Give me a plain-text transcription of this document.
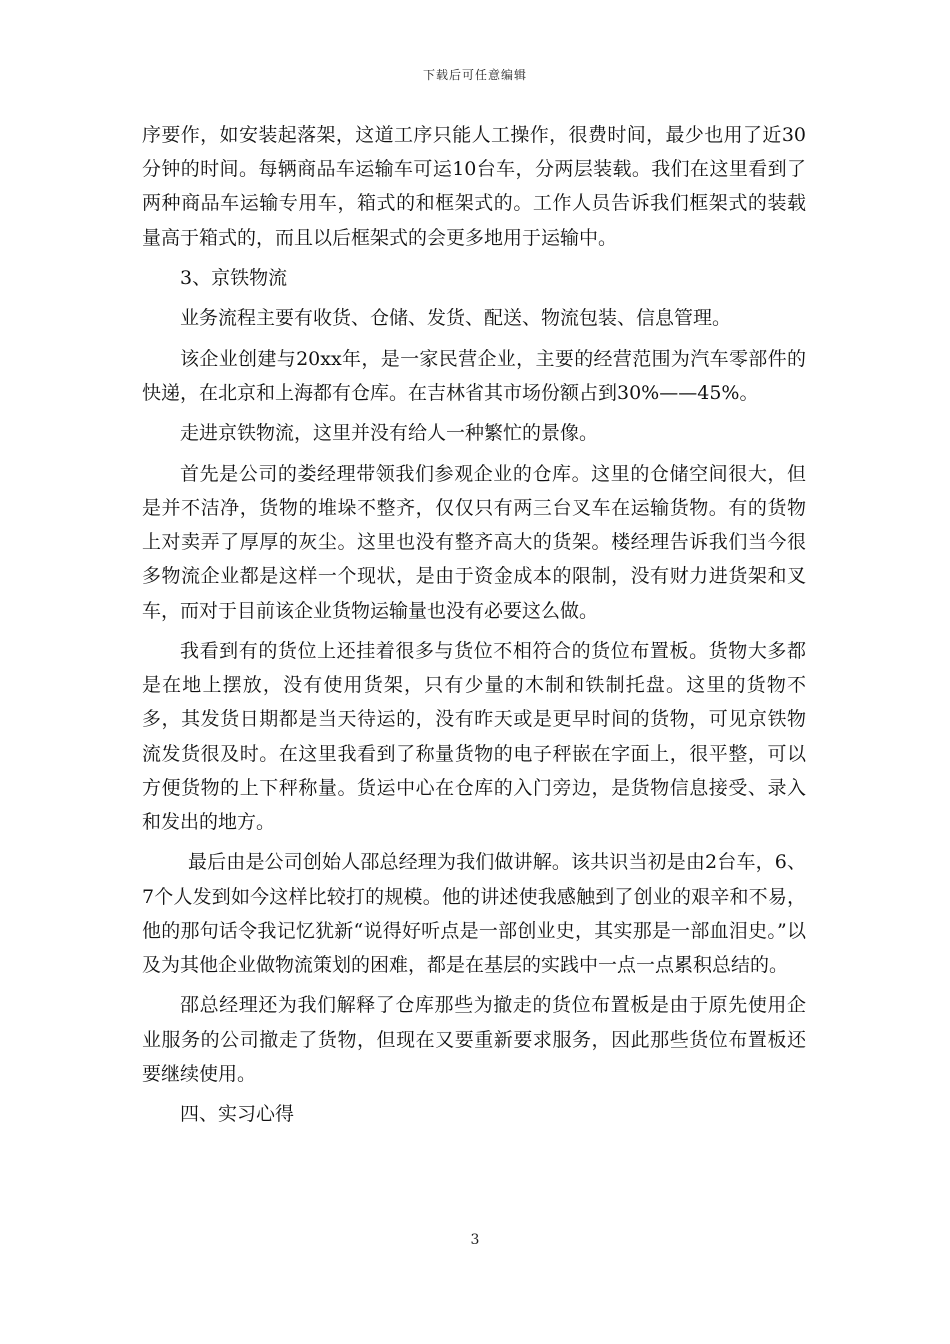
下载后可任意编辑

序要作，如安装起落架，这道工序只能人工操作，很费时间，最少也用了近30分钟的时间。每辆商品车运输车可运10台车，分两层装载。我们在这里看到了两种商品车运输专用车，箱式的和框架式的。工作人员告诉我们框架式的装载量高于箱式的，而且以后框架式的会更多地用于运输中。

3、京铁物流

业务流程主要有收货、仓储、发货、配送、物流包装、信息管理。

该企业创建与20xx年，是一家民营企业，主要的经营范围为汽车零部件的快递，在北京和上海都有仓库。在吉林省其市场份额占到30%——45%。

走进京铁物流，这里并没有给人一种繁忙的景像。

首先是公司的娄经理带领我们参观企业的仓库。这里的仓储空间很大，但是并不洁净，货物的堆垛不整齐，仅仅只有两三台叉车在运输货物。有的货物上对卖弄了厚厚的灰尘。这里也没有整齐高大的货架。楼经理告诉我们当今很多物流企业都是这样一个现状，是由于资金成本的限制，没有财力进货架和叉车，而对于目前该企业货物运输量也没有必要这么做。

我看到有的货位上还挂着很多与货位不相符合的货位布置板。货物大多都是在地上摆放，没有使用货架，只有少量的木制和铁制托盘。这里的货物不多，其发货日期都是当天待运的，没有昨天或是更早时间的货物，可见京铁物流发货很及时。在这里我看到了称量货物的电子秤嵌在字面上，很平整，可以方便货物的上下秤称量。货运中心在仓库的入门旁边，是货物信息接受、录入和发出的地方。

最后由是公司创始人邵总经理为我们做讲解。该共识当初是由2台车，6、7个人发到如今这样比较打的规模。他的讲述使我感触到了创业的艰辛和不易，他的那句话令我记忆犹新“说得好听点是一部创业史，其实那是一部血泪史。”以及为其他企业做物流策划的困难，都是在基层的实践中一点一点累积总结的。

邵总经理还为我们解释了仓库那些为撤走的货位布置板是由于原先使用企业服务的公司撤走了货物，但现在又要重新要求服务，因此那些货位布置板还要继续使用。

四、实习心得

3
